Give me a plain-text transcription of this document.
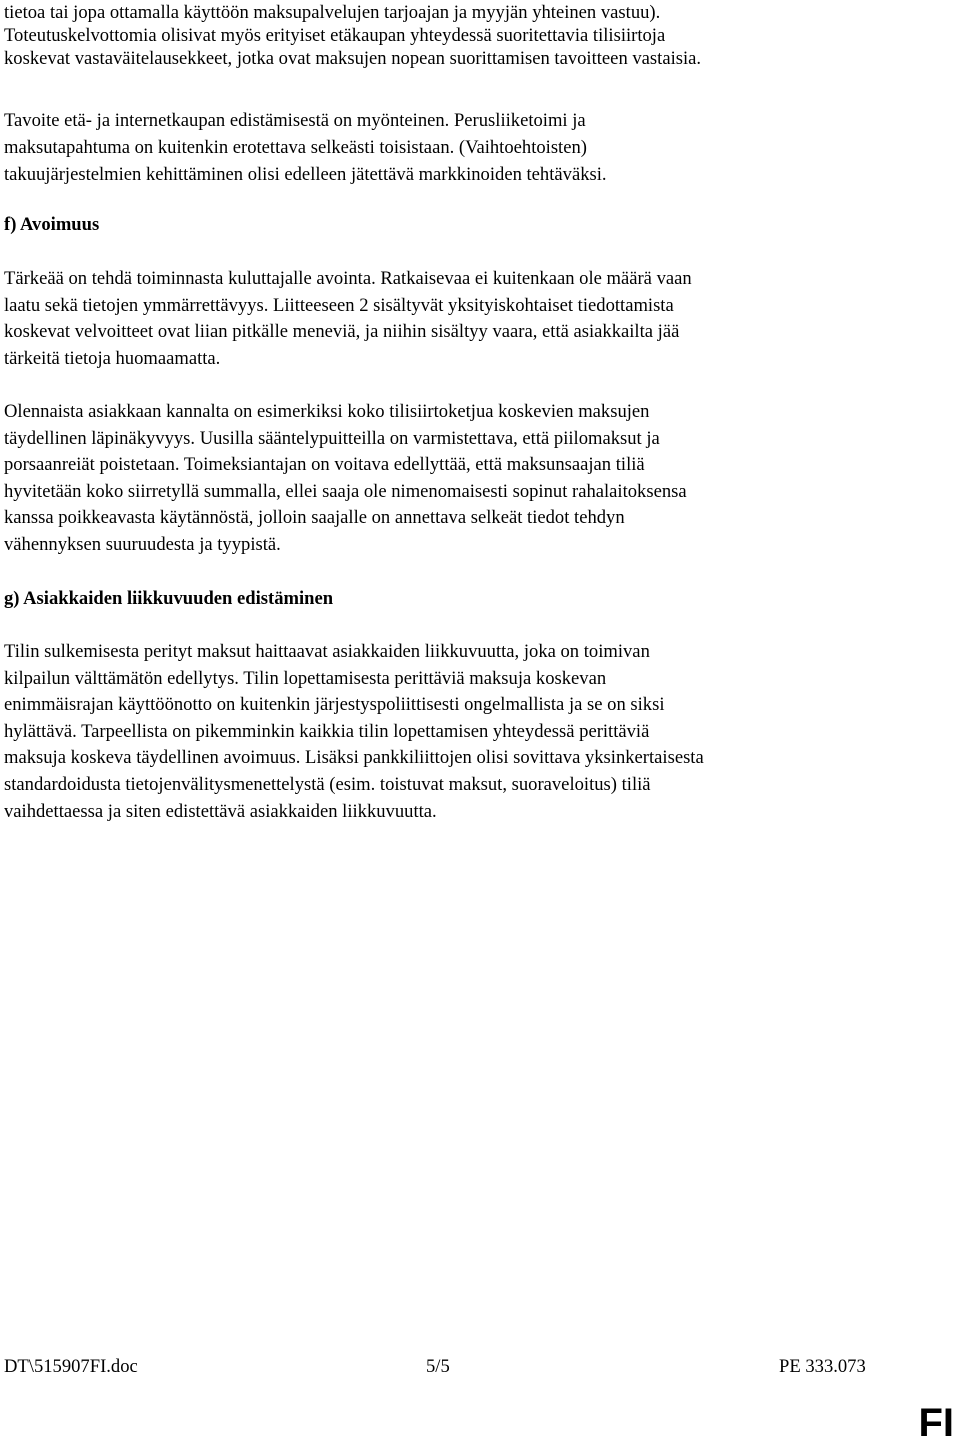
tietoa tai jopa ottamalla käyttöön maksupalvelujen tarjoajan ja myyjän yhteinen vastuu).
Toteutuskelvottomia olisivat myös erityiset etäkaupan yhteydessä suoritettavia tilisiirtoja
koskevat vastaväitelausekkeet, jotka ovat maksujen nopean suorittamisen tavoitteen vastaisia.
Tavoite etä- ja internetkaupan edistämisestä on myönteinen. Perusliiketoimi ja
maksutapahtuma on kuitenkin erotettava selkeästi toisistaan. (Vaihtoehtoisten)
takuujärjestelmien kehittäminen olisi edelleen jätettävä markkinoiden tehtäväksi.
f) Avoimuus
Tärkeää on tehdä toiminnasta kuluttajalle avointa. Ratkaisevaa ei kuitenkaan ole määrä vaan
laatu sekä tietojen ymmärrettävyys. Liitteeseen 2 sisältyvät yksityiskohtaiset tiedottamista
koskevat velvoitteet ovat liian pitkälle meneviä, ja niihin sisältyy vaara, että asiakkailta jää
tärkeitä tietoja huomaamatta.
Olennaista asiakkaan kannalta on esimerkiksi koko tilisiirtoketjua koskevien maksujen
täydellinen läpinäkyvyys. Uusilla sääntelypuitteilla on varmistettava, että piilomaksut ja
porsaanreiät poistetaan. Toimeksiantajan on voitava edellyttää, että maksunsaajan tiliä
hyvitetään koko siirretyllä summalla, ellei saaja ole nimenomaisesti sopinut rahalaitoksensa
kanssa poikkeavasta käytännöstä, jolloin saajalle on annettava selkeät tiedot tehdyn
vähennyksen suuruudesta ja tyypistä.
g) Asiakkaiden liikkuvuuden edistäminen
Tilin sulkemisesta perityt maksut haittaavat asiakkaiden liikkuvuutta, joka on toimivan
kilpailun välttämätön edellytys. Tilin lopettamisesta perittäviä maksuja koskevan
enimmäisrajan käyttöönotto on kuitenkin järjestyspoliittisesti ongelmallista ja se on siksi
hylättävä. Tarpeellista on pikemminkin kaikkia tilin lopettamisen yhteydessä perittäviä
maksuja koskeva täydellinen avoimuus. Lisäksi pankkiliittojen olisi sovittava yksinkertaisesta
standardoidusta tietojenvälitysmenettelystä (esim. toistuvat maksut, suoraveloitus) tiliä
vaihdettaessa ja siten edistettävä asiakkaiden liikkuvuutta.
DT\515907FI.doc	5/5	PE 333.073
FI
